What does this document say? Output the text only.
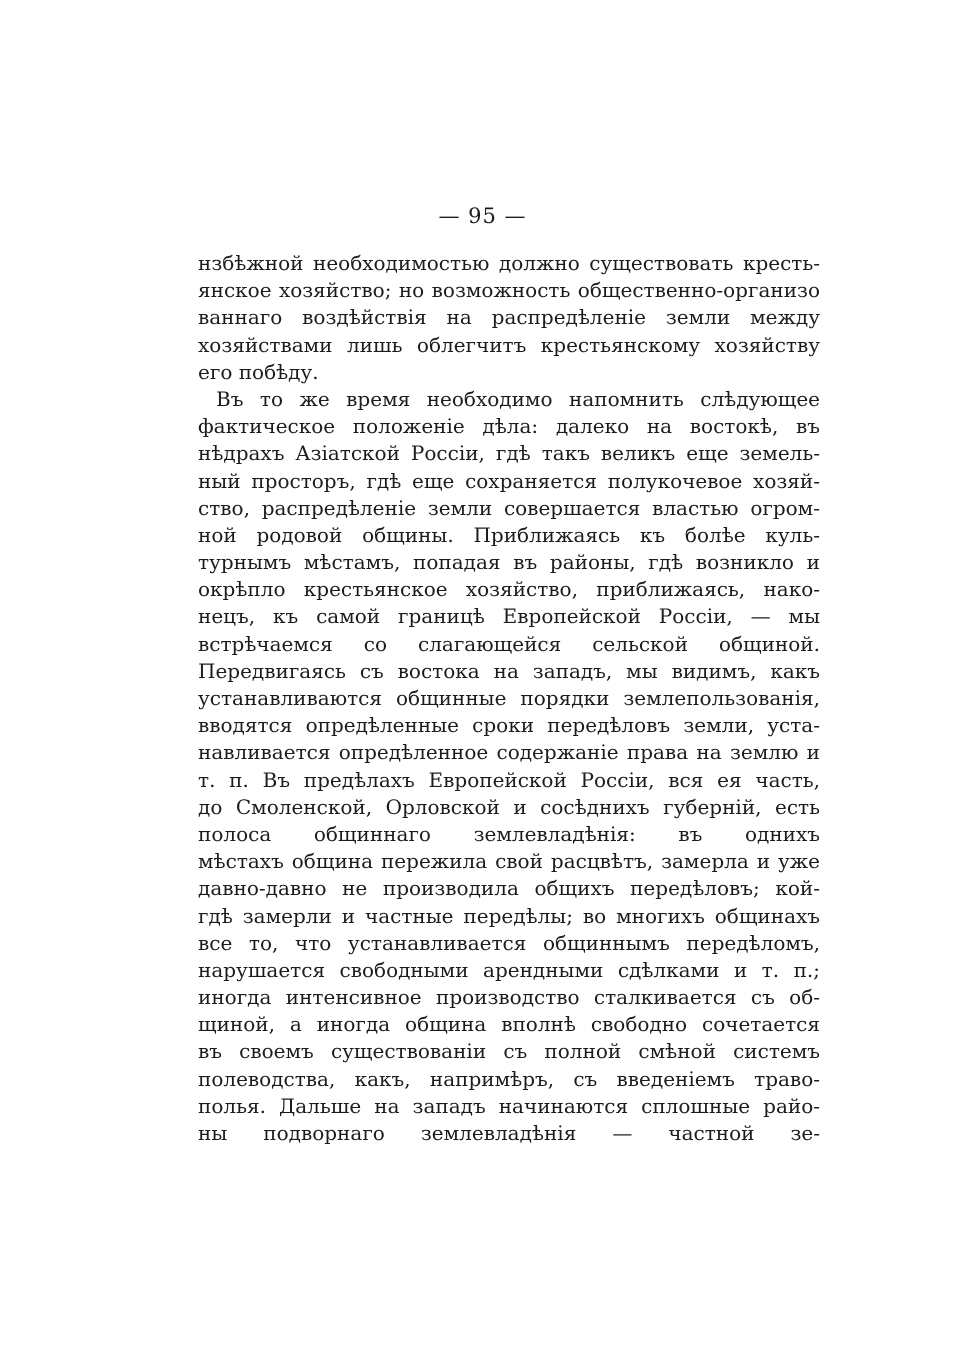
— 95 —
нзбѣжной необходимостью должно существовать кресть-
янское хозяйство; но возможность общественно-организо
ваннаго воздѣйствія на распредѣленіе земли между
хозяйствами лишь облегчитъ крестьянскому хозяйству
его побѣду.
Въ то же время необходимо напомнить слѣдующее
фактическое положеніе дѣла: далеко на востокѣ, въ
нѣдрахъ Азіатской Россіи, гдѣ такъ великъ еще земель-
ный просторъ, гдѣ еще сохраняется полукочевое хозяй-
ство, распредѣленіе земли совершается властью огром-
ной родовой общины. Приближаясь къ болѣе куль-
турнымъ мѣстамъ, попадая въ районы, гдѣ возникло и
окрѣпло крестьянское хозяйство, приближаясь, нако-
нецъ, къ самой границѣ Европейской Россіи, — мы
встрѣчаемся со слагающейся сельской общиной.
Передвигаясь съ востока на западъ, мы видимъ, какъ
устанавливаются общинные порядки землепользованія,
вводятся опредѣленные сроки передѣловъ земли, уста-
навливается опредѣленное содержаніе права на землю и
т. п. Въ предѣлахъ Европейской Россіи, вся ея часть,
до Смоленской, Орловской и сосѣднихъ губерній, есть
полоса общиннаго землевладѣнія: въ однихъ
мѣстахъ община пережила свой расцвѣтъ, замерла и уже
давно-давно не производила общихъ передѣловъ; кой-
гдѣ замерли и частные передѣлы; во многихъ общинахъ
все то, что устанавливается общиннымъ передѣломъ,
нарушается свободными арендными сдѣлками и т. п.;
иногда интенсивное производство сталкивается съ об-
щиной, а иногда община вполнѣ свободно сочетается
въ своемъ существованіи съ полной смѣной системъ
полеводства, какъ, напримѣръ, съ введеніемъ траво-
полья. Дальше на западъ начинаются сплошные райо-
ны подворнаго землевладѣнія — частной зе-
